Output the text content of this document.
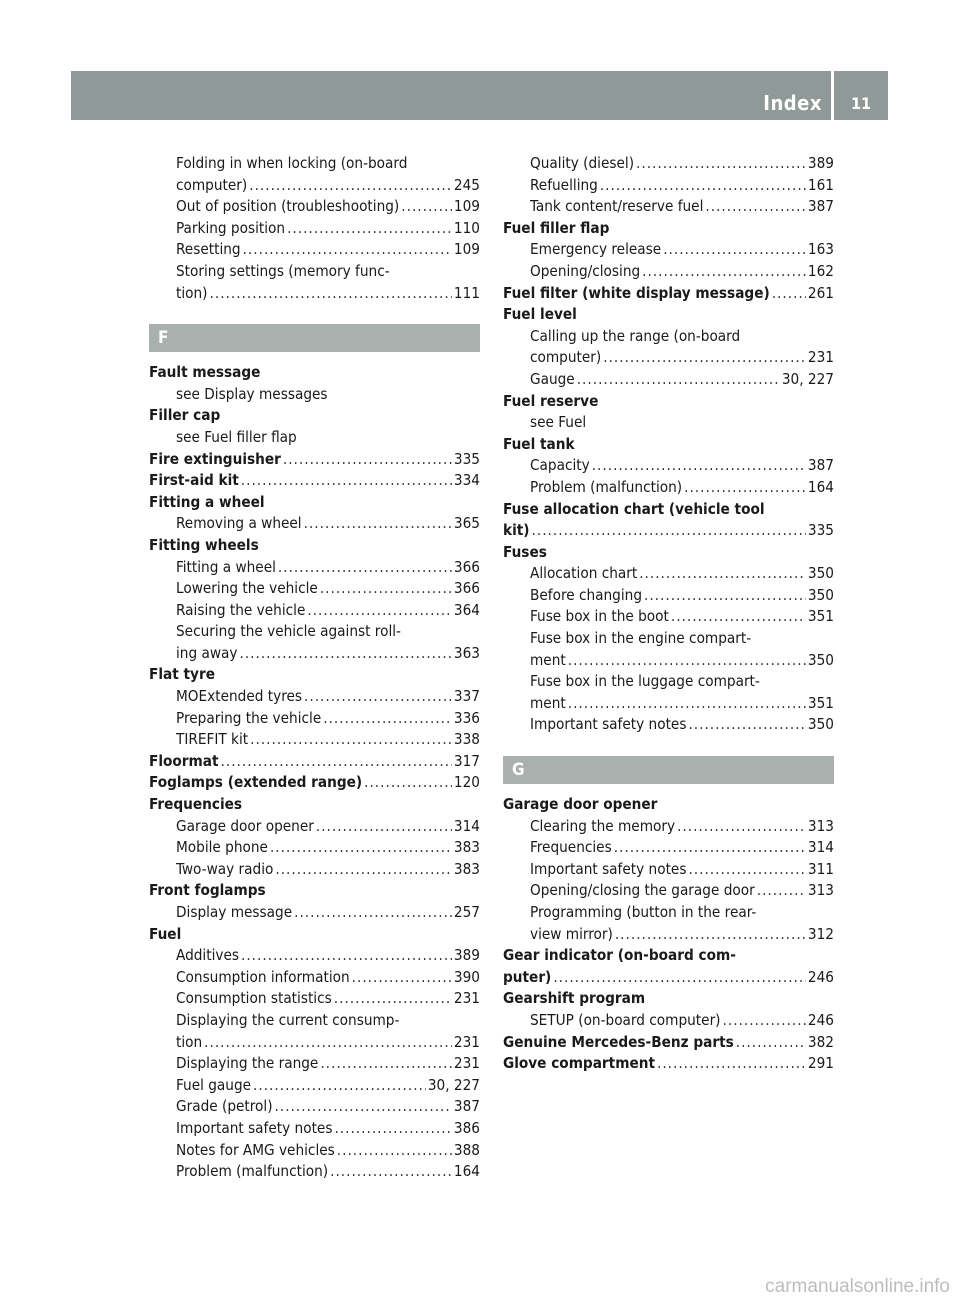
Index	11
Folding in when locking (on-board
computer) .....	245
Out of position (troubleshooting) .....	109
Parking position .....	110
Resetting .....	109
Storing settings (memory func-
tion) .....	111
F
Fault message
see Display messages
Filler cap
see Fuel filler flap
Fire extinguisher .....	335
First-aid kit .....	334
Fitting a wheel
Removing a wheel .....	365
Fitting wheels
Fitting a wheel .....	366
Lowering the vehicle .....	366
Raising the vehicle .....	364
Securing the vehicle against roll-
ing away .....	363
Flat tyre
MOExtended tyres .....	337
Preparing the vehicle .....	336
TIREFIT kit .....	338
Floormat .....	317
Foglamps (extended range) .....	120
Frequencies
Garage door opener .....	314
Mobile phone .....	383
Two-way radio .....	383
Front foglamps
Display message .....	257
Fuel
Additives .....	389
Consumption information .....	390
Consumption statistics .....	231
Displaying the current consump-
tion .....	231
Displaying the range .....	231
Fuel gauge .....	30, 227
Grade (petrol) .....	387
Important safety notes .....	386
Notes for AMG vehicles .....	388
Problem (malfunction) .....	164
Quality (diesel) .....	389
Refuelling .....	161
Tank content/reserve fuel .....	387
Fuel filler flap
Emergency release .....	163
Opening/closing .....	162
Fuel filter (white display message) .....	261
Fuel level
Calling up the range (on-board
computer) .....	231
Gauge .....	30, 227
Fuel reserve
see Fuel
Fuel tank
Capacity .....	387
Problem (malfunction) .....	164
Fuse allocation chart (vehicle tool
kit) .....	335
Fuses
Allocation chart .....	350
Before changing .....	350
Fuse box in the boot .....	351
Fuse box in the engine compart-
ment .....	350
Fuse box in the luggage compart-
ment .....	351
Important safety notes .....	350
G
Garage door opener
Clearing the memory .....	313
Frequencies .....	314
Important safety notes .....	311
Opening/closing the garage door .....	313
Programming (button in the rear-
view mirror) .....	312
Gear indicator (on-board com-
puter) .....	246
Gearshift program
SETUP (on-board computer) .....	246
Genuine Mercedes-Benz parts .....	382
Glove compartment .....	291
carmanualsonline.info
